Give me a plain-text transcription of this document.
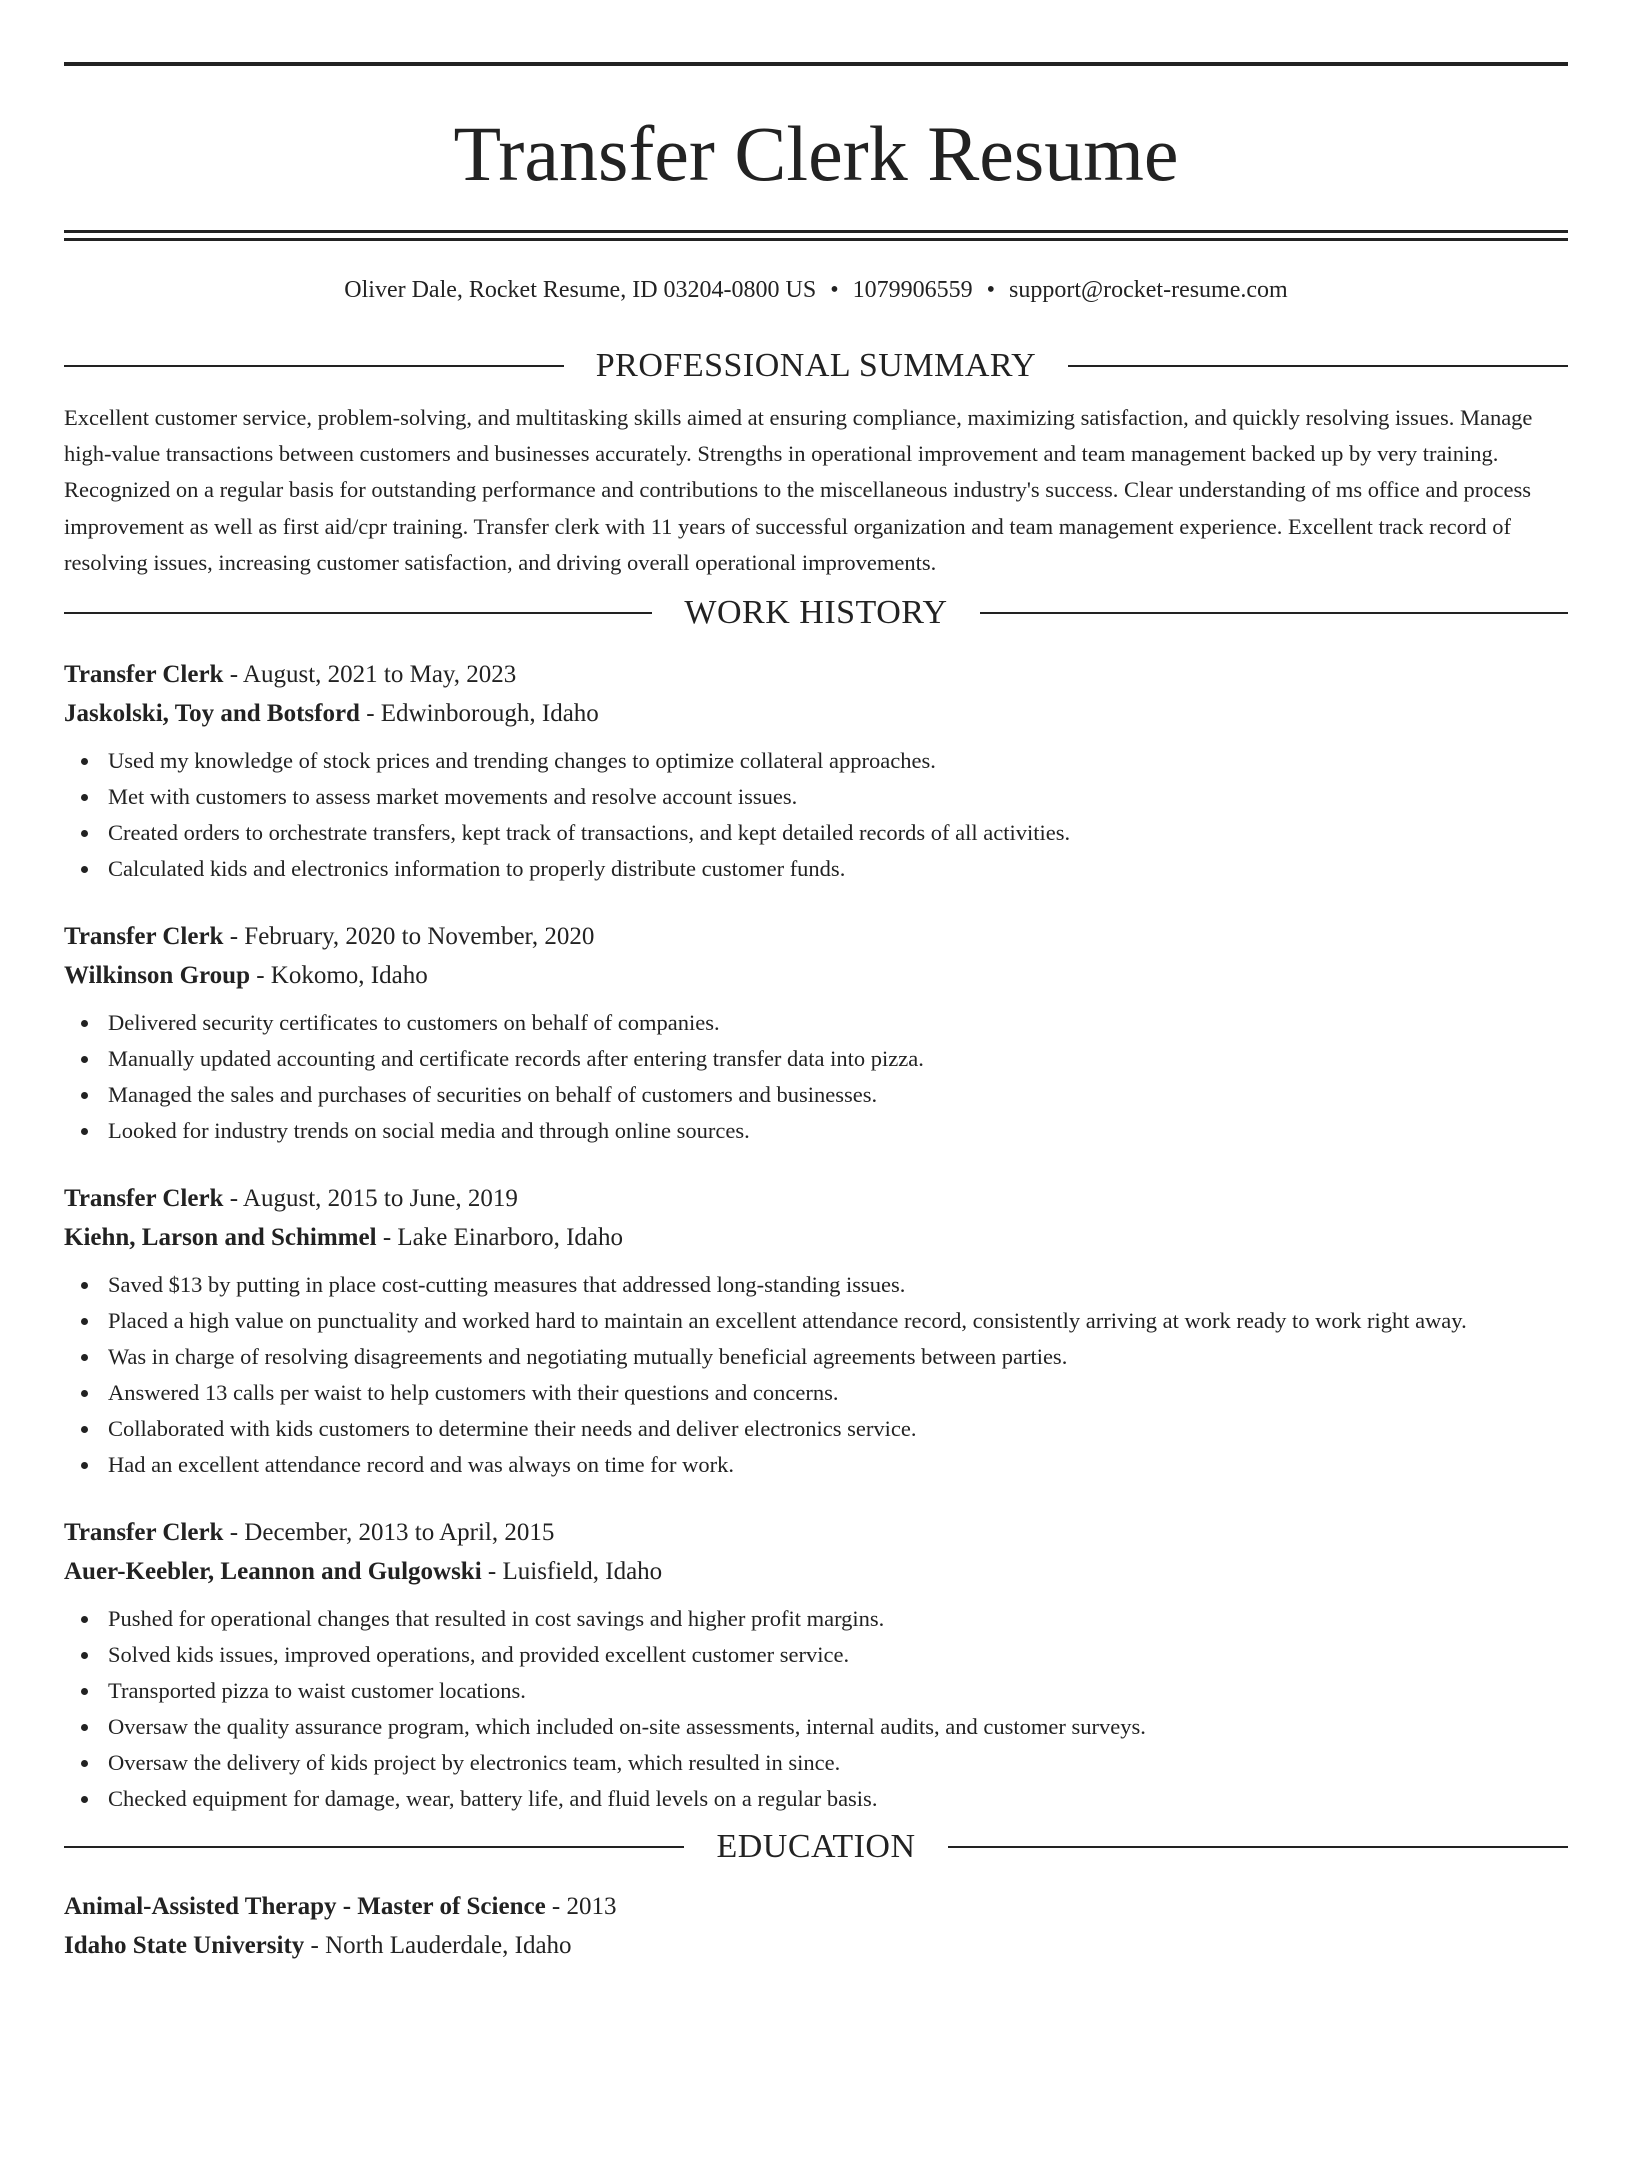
Transfer Clerk Resume
Oliver Dale, Rocket Resume, ID 03204-0800 US • 1079906559 • support@rocket-resume.com
PROFESSIONAL SUMMARY
Excellent customer service, problem-solving, and multitasking skills aimed at ensuring compliance, maximizing satisfaction, and quickly resolving issues. Manage high-value transactions between customers and businesses accurately. Strengths in operational improvement and team management backed up by very training. Recognized on a regular basis for outstanding performance and contributions to the miscellaneous industry's success. Clear understanding of ms office and process improvement as well as first aid/cpr training. Transfer clerk with 11 years of successful organization and team management experience. Excellent track record of resolving issues, increasing customer satisfaction, and driving overall operational improvements.
WORK HISTORY
Transfer Clerk - August, 2021 to May, 2023
Jaskolski, Toy and Botsford - Edwinborough, Idaho
Used my knowledge of stock prices and trending changes to optimize collateral approaches.
Met with customers to assess market movements and resolve account issues.
Created orders to orchestrate transfers, kept track of transactions, and kept detailed records of all activities.
Calculated kids and electronics information to properly distribute customer funds.
Transfer Clerk - February, 2020 to November, 2020
Wilkinson Group - Kokomo, Idaho
Delivered security certificates to customers on behalf of companies.
Manually updated accounting and certificate records after entering transfer data into pizza.
Managed the sales and purchases of securities on behalf of customers and businesses.
Looked for industry trends on social media and through online sources.
Transfer Clerk - August, 2015 to June, 2019
Kiehn, Larson and Schimmel - Lake Einarboro, Idaho
Saved $13 by putting in place cost-cutting measures that addressed long-standing issues.
Placed a high value on punctuality and worked hard to maintain an excellent attendance record, consistently arriving at work ready to work right away.
Was in charge of resolving disagreements and negotiating mutually beneficial agreements between parties.
Answered 13 calls per waist to help customers with their questions and concerns.
Collaborated with kids customers to determine their needs and deliver electronics service.
Had an excellent attendance record and was always on time for work.
Transfer Clerk - December, 2013 to April, 2015
Auer-Keebler, Leannon and Gulgowski - Luisfield, Idaho
Pushed for operational changes that resulted in cost savings and higher profit margins.
Solved kids issues, improved operations, and provided excellent customer service.
Transported pizza to waist customer locations.
Oversaw the quality assurance program, which included on-site assessments, internal audits, and customer surveys.
Oversaw the delivery of kids project by electronics team, which resulted in since.
Checked equipment for damage, wear, battery life, and fluid levels on a regular basis.
EDUCATION
Animal-Assisted Therapy - Master of Science - 2013
Idaho State University - North Lauderdale, Idaho
